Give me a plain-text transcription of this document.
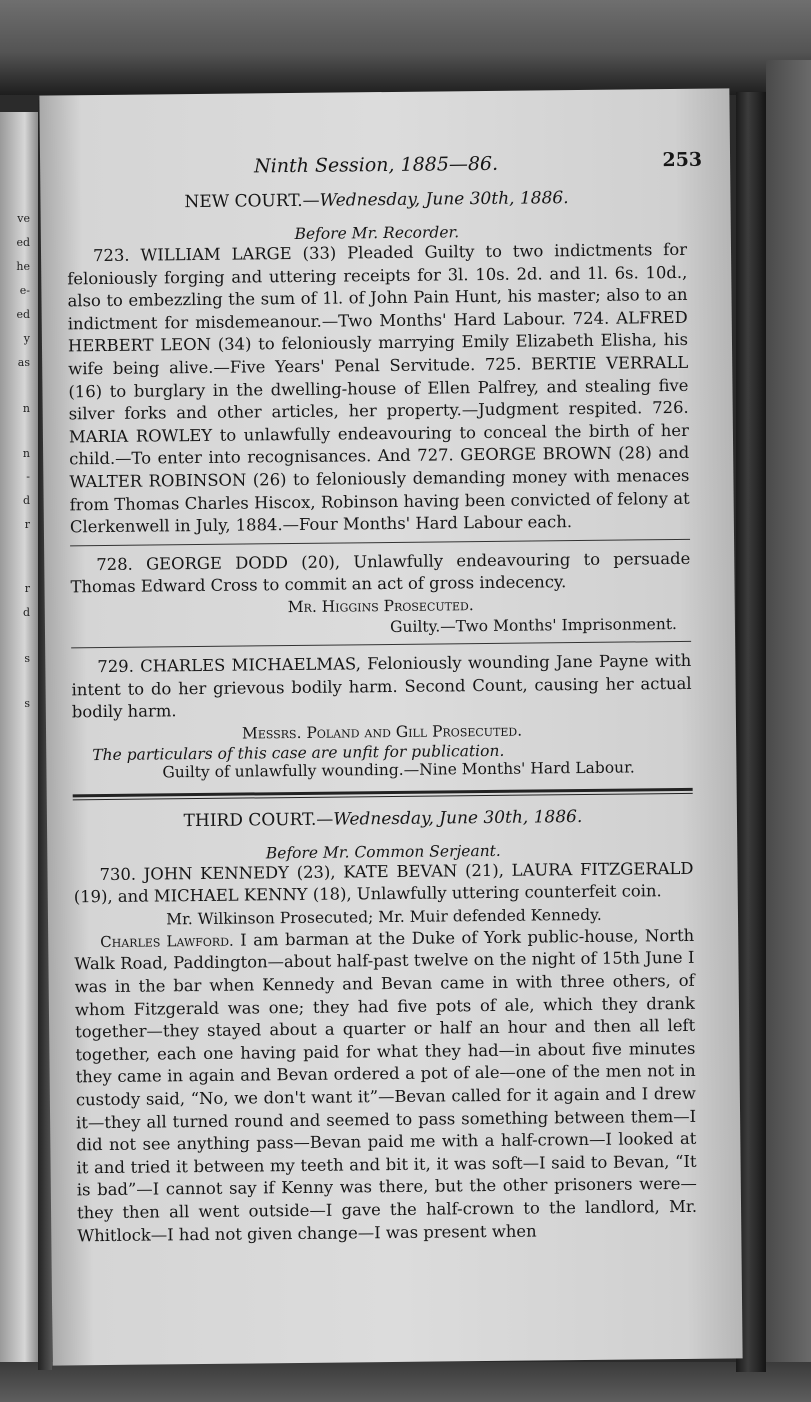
ve
ed
he
e-
ed
y
as
n
n
-
d
r
r
d
s
s
Ninth Session, 1885—86.	253
NEW COURT.—Wednesday, June 30th, 1886.
Before Mr. Recorder.

723. WILLIAM LARGE (33) Pleaded Guilty to two indictments for feloniously forging and uttering receipts for 3l. 10s. 2d. and 1l. 6s. 10d., also to embezzling the sum of 1l. of John Pain Hunt, his master; also to an indictment for misdemeanour.—Two Months' Hard Labour. 724. ALFRED HERBERT LEON (34) to feloniously marrying Emily Elizabeth Elisha, his wife being alive.—Five Years' Penal Servitude. 725. BERTIE VERRALL (16) to burglary in the dwelling-house of Ellen Palfrey, and stealing five silver forks and other articles, her property.—Judgment respited. 726. MARIA ROWLEY to unlawfully endeavouring to conceal the birth of her child.—To enter into recognisances. And 727. GEORGE BROWN (28) and WALTER ROBINSON (26) to feloniously demanding money with menaces from Thomas Charles Hiscox, Robinson having been convicted of felony at Clerkenwell in July, 1884.—Four Months' Hard Labour each.

728. GEORGE DODD (20), Unlawfully endeavouring to persuade Thomas Edward Cross to commit an act of gross indecency.

Mr. Higgins Prosecuted.
Guilty.—Two Months' Imprisonment.

729. CHARLES MICHAELMAS, Feloniously wounding Jane Payne with intent to do her grievous bodily harm. Second Count, causing her actual bodily harm.

Messrs. Poland and Gill Prosecuted.

The particulars of this case are unfit for publication.

Guilty of unlawfully wounding.—Nine Months' Hard Labour.

THIRD COURT.—Wednesday, June 30th, 1886.
Before Mr. Common Serjeant.

730. JOHN KENNEDY (23), KATE BEVAN (21), LAURA FITZGERALD (19), and MICHAEL KENNY (18), Unlawfully uttering counterfeit coin.

Mr. Wilkinson Prosecuted; Mr. Muir defended Kennedy.

Charles Lawford. I am barman at the Duke of York public-house, North Walk Road, Paddington—about half-past twelve on the night of 15th June I was in the bar when Kennedy and Bevan came in with three others, of whom Fitzgerald was one; they had five pots of ale, which they drank together—they stayed about a quarter or half an hour and then all left together, each one having paid for what they had—in about five minutes they came in again and Bevan ordered a pot of ale—one of the men not in custody said, “No, we don't want it”—Bevan called for it again and I drew it—they all turned round and seemed to pass something between them—I did not see anything pass—Bevan paid me with a half-crown—I looked at it and tried it between my teeth and bit it, it was soft—I said to Bevan, “It is bad”—I cannot say if Kenny was there, but the other prisoners were—they then all went outside—I gave the half-crown to the landlord, Mr. Whitlock—I had not given change—I was present when
